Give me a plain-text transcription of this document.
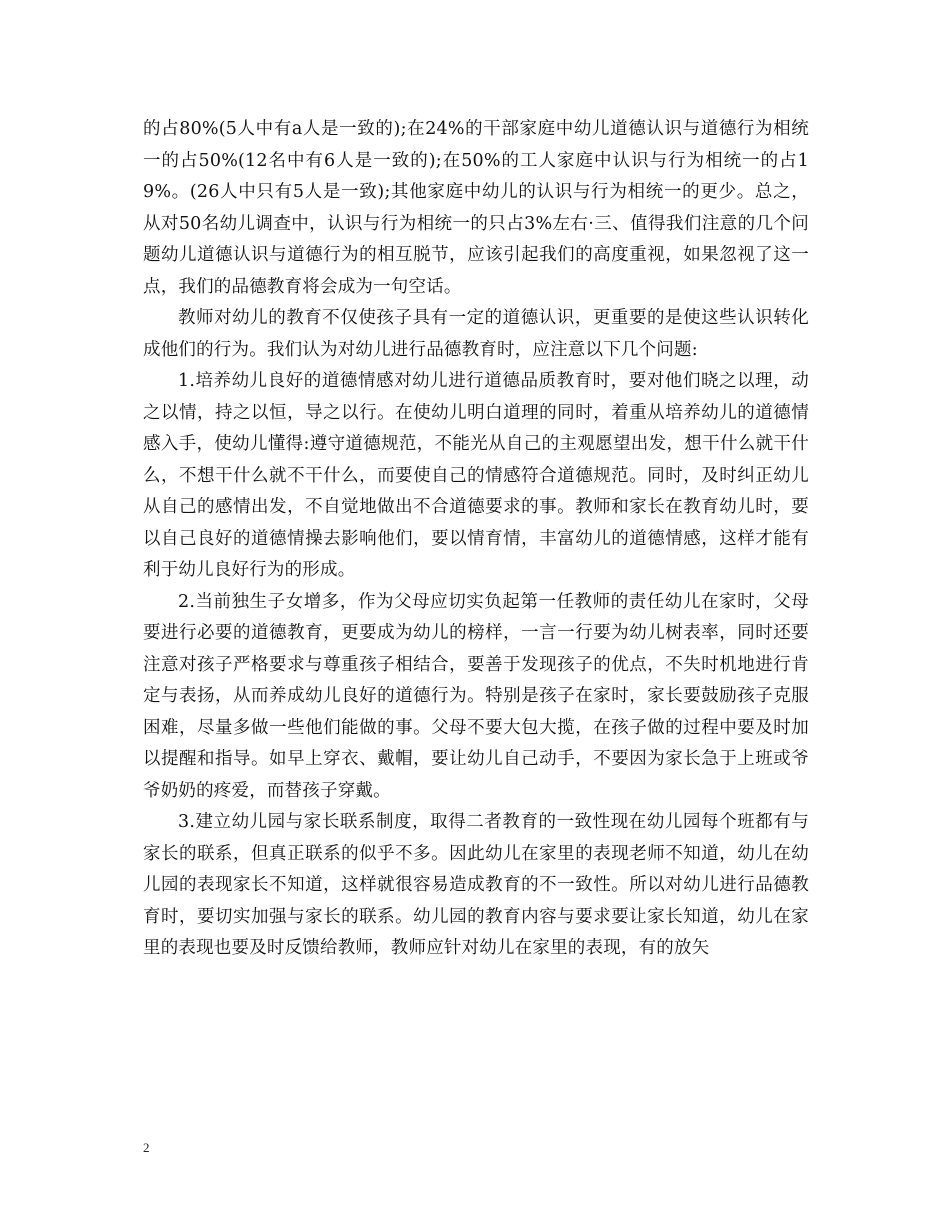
的占80%(5人中有a人是一致的);在24%的干部家庭中幼儿道德认识与道德行为相统一的占50%(12名中有6人是一致的);在50%的工人家庭中认识与行为相统一的占19%。(26人中只有5人是一致);其他家庭中幼儿的认识与行为相统一的更少。总之，从对50名幼儿调查中，认识与行为相统一的只占3%左右·三、值得我们注意的几个问题幼儿道德认识与道德行为的相互脱节，应该引起我们的高度重视，如果忽视了这一点，我们的品德教育将会成为一句空话。

教师对幼儿的教育不仅使孩子具有一定的道德认识，更重要的是使这些认识转化成他们的行为。我们认为对幼儿进行品德教育时，应注意以下几个问题:

1.培养幼儿良好的道德情感对幼儿进行道德品质教育时，要对他们晓之以理，动之以情，持之以恒，导之以行。在使幼儿明白道理的同时，着重从培养幼儿的道德情感入手，使幼儿懂得:遵守道德规范，不能光从自己的主观愿望出发，想干什么就干什么，不想干什么就不干什么，而要使自己的情感符合道德规范。同时，及时纠正幼儿从自己的感情出发，不自觉地做出不合道德要求的事。教师和家长在教育幼儿时，要以自己良好的道德情操去影响他们，要以情育情，丰富幼儿的道德情感，这样才能有利于幼儿良好行为的形成。

2.当前独生子女增多，作为父母应切实负起第一任教师的责任幼儿在家时，父母要进行必要的道德教育，更要成为幼儿的榜样，一言一行要为幼儿树表率，同时还要注意对孩子严格要求与尊重孩子相结合，要善于发现孩子的优点，不失时机地进行肯定与表扬，从而养成幼儿良好的道德行为。特别是孩子在家时，家长要鼓励孩子克服困难，尽量多做一些他们能做的事。父母不要大包大揽，在孩子做的过程中要及时加以提醒和指导。如早上穿衣、戴帽，要让幼儿自己动手，不要因为家长急于上班或爷爷奶奶的疼爱，而替孩子穿戴。

3.建立幼儿园与家长联系制度，取得二者教育的一致性现在幼儿园每个班都有与家长的联系，但真正联系的似乎不多。因此幼儿在家里的表现老师不知道，幼儿在幼儿园的表现家长不知道，这样就很容易造成教育的不一致性。所以对幼儿进行品德教育时，要切实加强与家长的联系。幼儿园的教育内容与要求要让家长知道，幼儿在家里的表现也要及时反馈给教师，教师应针对幼儿在家里的表现，有的放矢

2
